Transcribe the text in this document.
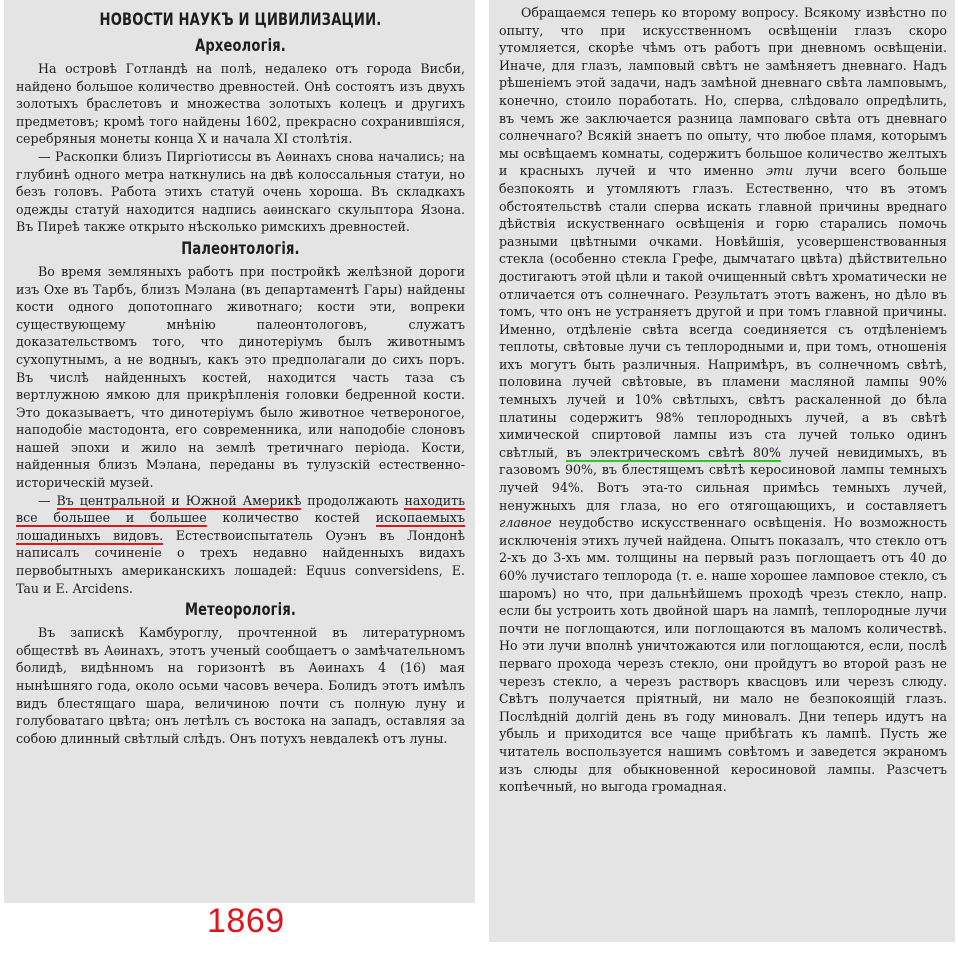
НОВОСТИ НАУКЪ И ЦИВИЛИЗАЦИИ.
Археологія.

На островѣ Готландѣ на полѣ, недалеко отъ города Висби, найдено большое количество древностей. Онѣ состоятъ изъ двухъ золотыхъ браслетовъ и множества золотыхъ колецъ и другихъ предметовъ; кромѣ того найдены 1602, прекрасно сохранившіяся, серебряныя монеты конца X и начала XI столѣтія.

— Раскопки близъ Пиргіотиссы въ Аѳинахъ снова начались; на глубинѣ одного метра наткнулись на двѣ колоссальныя статуи, но безъ головъ. Работа этихъ статуй очень хороша. Въ складкахъ одежды статуй находится надпись аѳинскаго скульптора Язона. Въ Пиреѣ также открыто нѣсколько римскихъ древностей.

Палеонтологія.

Во время земляныхъ работъ при постройкѣ желѣзной дороги изъ Охе въ Тарбъ, близъ Мэлана (въ департаментѣ Гары) найдены кости одного допотопнаго животнаго; кости эти, вопреки существующему мнѣнію палеонтологовъ, служатъ доказательствомъ того, что динотеріумъ былъ животнымъ сухопутнымъ, а не водныъ, какъ это предполагали до сихъ поръ. Въ числѣ найденныхъ костей, находится часть таза съ вертлужною ямкою для прикрѣпленія головки бедренной кости. Это доказываетъ, что динотеріумъ было животное четвероногое, наподобіе мастодонта, его современника, или наподобіе слоновъ нашей эпохи и жило на землѣ третичнаго періода. Кости, найденныя близъ Мэлана, переданы въ тулузскій естественно-историческій музей.

— Въ центральной и Южной Америкѣ продолжають находить все большее и большее количество костей ископаемыхъ лошадиныхъ видовъ. Естествоиспытатель Оуэнъ въ Лондонѣ написалъ сочиненіе о трехъ недавно найденныхъ видахъ первобытныхъ американскихъ лошадей: Equus conversidens, E. Tau и E. Arcidens.

Метеорологія.

Въ запискѣ Камбуроглу, прочтенной въ литературномъ обществѣ въ Аѳинахъ, этотъ ученый сообщаетъ о замѣчательномъ болидѣ, видѣнномъ на горизонтѣ въ Аѳинахъ 4 (16) мая нынѣшняго года, около осьми часовъ вечера. Болидъ этотъ имѣлъ видъ блестящаго шара, величиною почти съ полную луну и голубоватаго цвѣта; онъ летѣлъ съ востока на западъ, оставляя за собою длинный свѣтлый слѣдъ. Онъ потухъ невдалекѣ отъ луны.

1869

Обращаемся теперь ко второму вопросу. Всякому извѣстно по опыту, что при искусственномъ освѣщеніи глазъ скоро утомляется, скорѣе чѣмъ отъ работъ при дневномъ освѣщеніи. Иначе, для глазъ, ламповый свѣтъ не замѣняетъ дневнаго. Надъ рѣшеніемъ этой задачи, надъ замѣной дневнаго свѣта ламповымъ, конечно, стоило поработать. Но, сперва, слѣдовало опредѣлить, въ чемъ же заключается разница ламповаго свѣта отъ дневнаго солнечнаго? Всякій знаетъ по опыту, что любое пламя, которымъ мы освѣщаемъ комнаты, содержитъ большое количество желтыхъ и красныхъ лучей и что именно эти лучи всего больше безпокоять и утомляютъ глазъ. Естественно, что въ этомъ обстоятельствѣ стали сперва искать главной причины вреднаго дѣйствія искуственнаго освѣщенія и горю старались помочь разными цвѣтными очками. Новѣйшія, усовершенствованныя стекла (особенно стекла Грефе, дымчатаго цвѣта) дѣйствительно достигаютъ этой цѣли и такой очищенный свѣтъ хроматически не отличается отъ солнечнаго. Результатъ этотъ важенъ, но дѣло въ томъ, что онъ не устраняетъ другой и при томъ главной причины. Именно, отдѣленіе свѣта всегда соединяется съ отдѣленіемъ теплоты, свѣтовые лучи съ теплородными и, при томъ, отношенія ихъ могутъ быть различныя. Напримѣръ, въ солнечномъ свѣтѣ, половина лучей свѣтовые, въ пламени масляной лампы 90% темныхъ лучей и 10% свѣтлыхъ, свѣтъ раскаленной до бѣла платины содержитъ 98% теплородныхъ лучей, а въ свѣтѣ химической спиртовой лампы изъ ста лучей только одинъ свѣтлый, въ электрическомъ свѣтѣ 80% лучей невидимыхъ, въ газовомъ 90%, въ блестящемъ свѣтѣ керосиновой лампы темныхъ лучей 94%. Вотъ эта-то сильная примѣсь темныхъ лучей, ненужныхъ для глаза, но его отягощающихъ, и составляетъ главное неудобство искусственнаго освѣщенія. Но возможность исключенія этихъ лучей найдена. Опытъ показалъ, что стекло отъ 2-хъ до 3-хъ мм. толщины на первый разъ поглощаетъ отъ 40 до 60% лучистаго теплорода (т. е. наше хорошее ламповое стекло, съ шаромъ) но что, при дальнѣйшемъ проходѣ чрезъ стекло, напр. если бы устроить хоть двойной шаръ на лампѣ, теплородные лучи почти не поглощаются, или поглощаются въ маломъ количествѣ. Но эти лучи вполнѣ уничтожаются или поглощаются, если, послѣ перваго прохода черезъ стекло, они пройдутъ во второй разъ не черезъ стекло, а черезъ растворъ квасцовъ или черезъ слюду. Свѣтъ получается пріятный, ни мало не безпокоящій глазъ. Послѣдній долгій день въ году миновалъ. Дни теперь идутъ на убыль и приходится все чаще прибѣгать къ лампѣ. Пусть же читатель воспользуется нашимъ совѣтомъ и заведется экраномъ изъ слюды для обыкновенной керосиновой лампы. Разсчетъ копѣечный, но выгода громадная.
